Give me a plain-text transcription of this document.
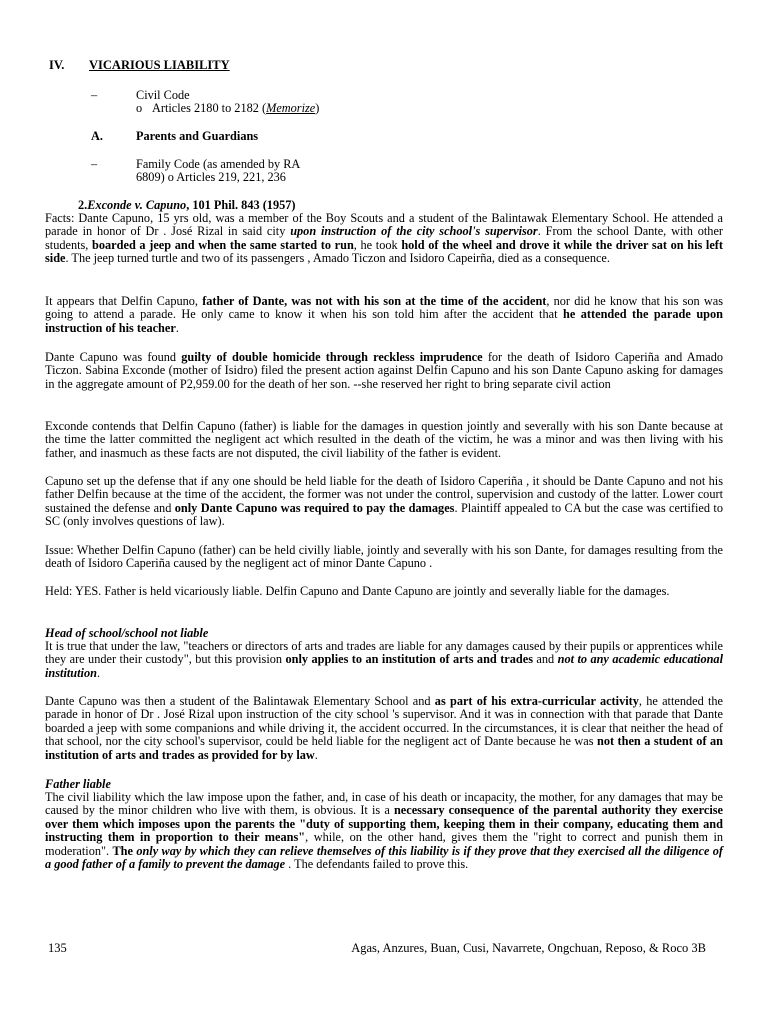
IV. VICARIOUS LIABILITY
–	Civil Code
o Articles 2180 to 2182 (Memorize)
A.	Parents and Guardians
–	Family Code (as amended by RA
6809) o Articles 219, 221, 236
2.Exconde v. Capuno, 101 Phil. 843 (1957)
Facts: Dante Capuno, 15 yrs old, was a member of the Boy Scouts and a student of the Balintawak Elementary School. He attended a parade in honor of Dr . José Rizal in said city upon instruction of the city school's supervisor. From the school Dante, with other students, boarded a jeep and when the same started to run, he took hold of the wheel and drove it while the driver sat on his left side. The jeep turned turtle and two of its passengers , Amado Ticzon and Isidoro Capeirña, died as a consequence.
It appears that Delfin Capuno, father of Dante, was not with his son at the time of the accident, nor did he know that his son was going to attend a parade. He only came to know it when his son told him after the accident that he attended the parade upon instruction of his teacher.
Dante Capuno was found guilty of double homicide through reckless imprudence for the death of Isidoro Caperiña and Amado Ticzon. Sabina Exconde (mother of Isidro) filed the present action against Delfin Capuno and his son Dante Capuno asking for damages in the aggregate amount of P2,959.00 for the death of her son. --she reserved her right to bring separate civil action
Exconde contends that Delfin Capuno (father) is liable for the damages in question jointly and severally with his son Dante because at the time the latter committed the negligent act which resulted in the death of the victim, he was a minor and was then living with his father, and inasmuch as these facts are not disputed, the civil liability of the father is evident.
Capuno set up the defense that if any one should be held liable for the death of Isidoro Caperiña , it should be Dante Capuno and not his father Delfin because at the time of the accident, the former was not under the control, supervision and custody of the latter. Lower court sustained the defense and only Dante Capuno was required to pay the damages. Plaintiff appealed to CA but the case was certified to SC (only involves questions of law).
Issue: Whether Delfin Capuno (father) can be held civilly liable, jointly and severally with his son Dante, for damages resulting from the death of Isidoro Caperiña caused by the negligent act of minor Dante Capuno .
Held: YES. Father is held vicariously liable. Delfin Capuno and Dante Capuno are jointly and severally liable for the damages.
Head of school/school not liable
It is true that under the law, "teachers or directors of arts and trades are liable for any damages caused by their pupils or apprentices while they are under their custody", but this provision only applies to an institution of arts and trades and not to any academic educational institution.
Dante Capuno was then a student of the Balintawak Elementary School and as part of his extra-curricular activity, he attended the parade in honor of Dr . José Rizal upon instruction of the city school 's supervisor. And it was in connection with that parade that Dante boarded a jeep with some companions and while driving it, the accident occurred. In the circumstances, it is clear that neither the head of that school, nor the city school's supervisor, could be held liable for the negligent act of Dante because he was not then a student of an institution of arts and trades as provided for by law.
Father liable
The civil liability which the law impose upon the father, and, in case of his death or incapacity, the mother, for any damages that may be caused by the minor children who live with them, is obvious. It is a necessary consequence of the parental authority they exercise over them which imposes upon the parents the "duty of supporting them, keeping them in their company, educating them and instructing them in proportion to their means", while, on the other hand, gives them the "right to correct and punish them in moderation". The only way by which they can relieve themselves of this liability is if they prove that they exercised all the diligence of a good father of a family to prevent the damage . The defendants failed to prove this.
135	Agas, Anzures, Buan, Cusi, Navarrete, Ongchuan, Reposo, & Roco 3B
